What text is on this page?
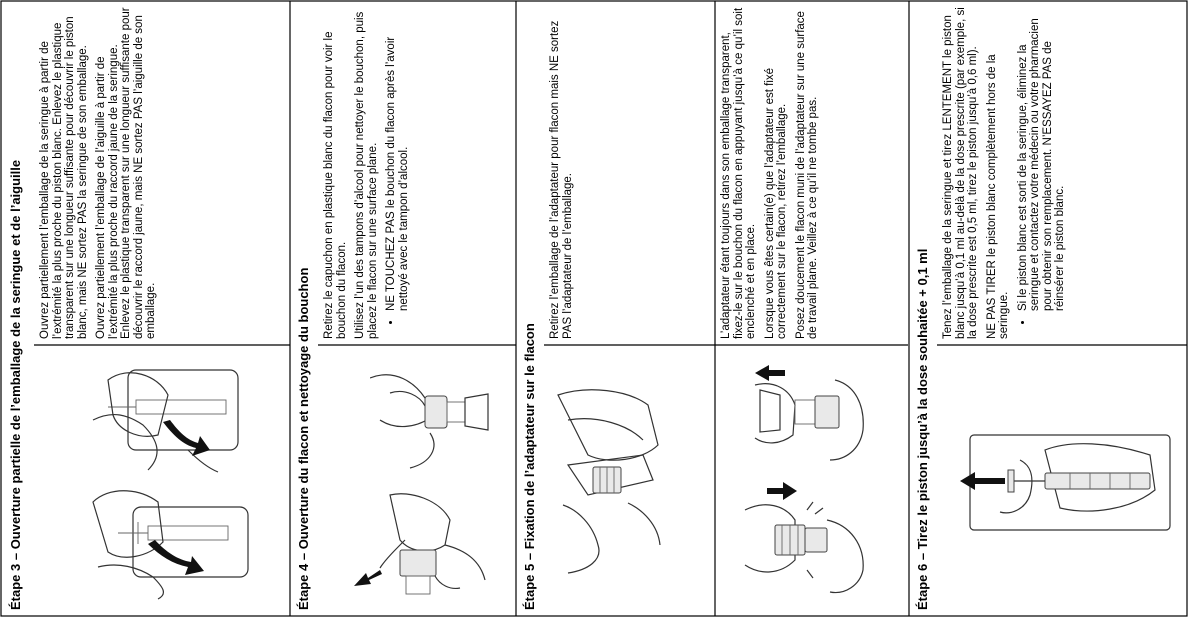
Étape 3 – Ouverture partielle de l’emballage de la seringue et de l’aiguille	Ouvrez partiellement l’emballage de la seringue à partir de l’extrémité la plus proche du piston blanc. Enlevez le plastique transparent sur une longueur suffisante pour découvrir le piston blanc, mais NE sortez PAS la seringue de son emballage. Ouvrez partiellement l’emballage de l’aiguille à partir de l’extrémité la plus proche du raccord jaune de la seringue. Enlevez le plastique transparent sur une longueur suffisante pour découvrir le raccord jaune, mais NE sortez PAS l’aiguille de son emballage.	Étape 4 – Ouverture du flacon et nettoyage du bouchon

Retirez le capuchon en plastique blanc du flacon pour voir le bouchon du flacon. Utilisez l’un des tampons d’alcool pour nettoyer le bouchon, puis placez le flacon sur une surface plane.

• NE TOUCHEZ PAS le bouchon du flacon après l’avoir nettoyé avec le tampon d’alcool.
Étape 5 – Fixation de l’adaptateur sur le flacon

Retirez l’emballage de l’adaptateur pour flacon mais NE sortez PAS l’adaptateur de l’emballage.	L’adaptateur étant toujours dans son emballage transparent, fixez-le sur le bouchon du flacon en appuyant jusqu’à ce qu’il soit enclenché et en place. Lorsque vous êtes certain(e) que l’adaptateur est fixé correctement sur le flacon, retirez l’emballage. Posez doucement le flacon muni de l’adaptateur sur une surface de travail plane. Veillez à ce qu’il ne tombe pas.

Étape 6 – Tirez le piston jusqu’à la dose souhaitée + 0,1 ml

Tenez l’emballage de la seringue et tirez LENTEMENT le piston blanc jusqu’à 0,1 ml au-delà de la dose prescrite (par exemple, si la dose prescrite est 0,5 ml, tirez le piston jusqu’à 0,6 ml). NE PAS TIRER le piston blanc complètement hors de la seringue.

• Si le piston blanc est sorti de la seringue, éliminez la seringue et contactez votre médecin ou votre pharmacien pour obtenir son remplacement. N’ESSAYEZ PAS de réinsérer le piston blanc.
